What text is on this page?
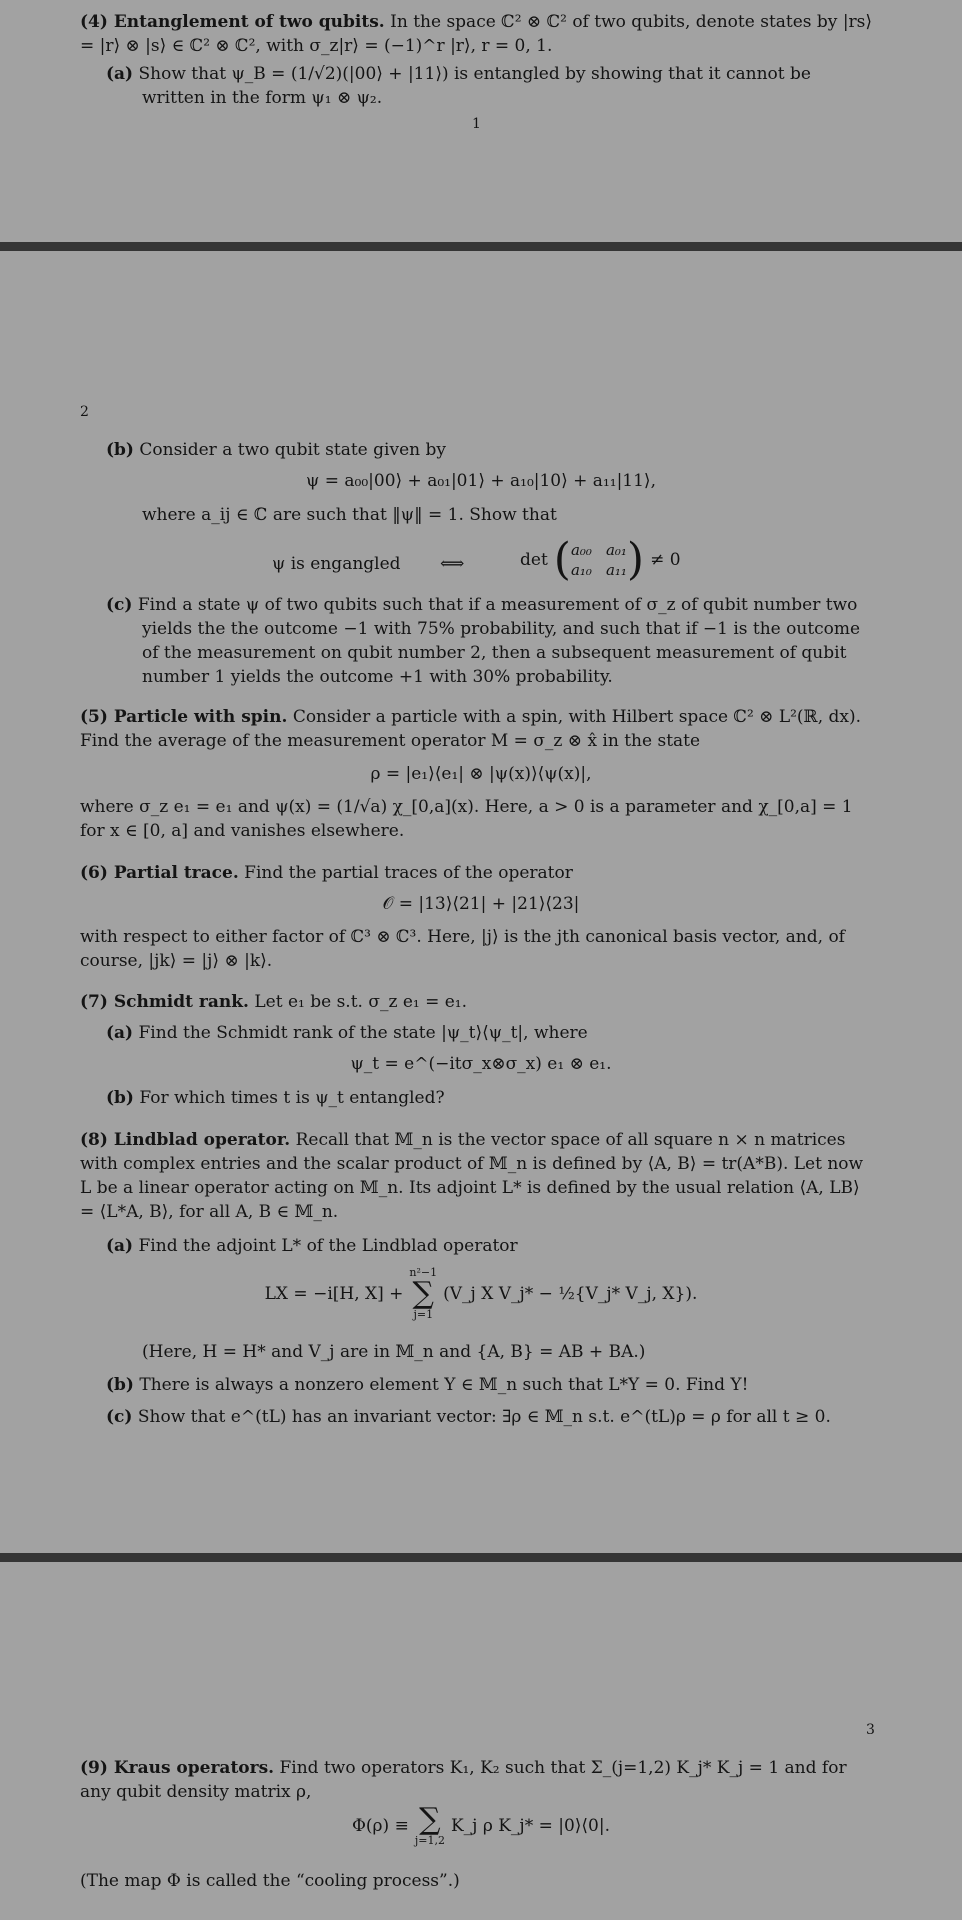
(4) Entanglement of two qubits. In the space ℂ² ⊗ ℂ² of two qubits, denote states by |rs⟩ = |r⟩ ⊗ |s⟩ ∈ ℂ² ⊗ ℂ², with σ_z|r⟩ = (−1)^r |r⟩, r = 0, 1.
(a) Show that ψ_B = (1/√2)(|00⟩ + |11⟩) is entangled by showing that it cannot be written in the form ψ₁ ⊗ ψ₂.
1
2
(b) Consider a two qubit state given by
ψ = a₀₀|00⟩ + a₀₁|01⟩ + a₁₀|10⟩ + a₁₁|11⟩,
where a_ij ∈ ℂ are such that ‖ψ‖ = 1. Show that
ψ is engangled ⟺	det ( a₀₀ a₀₁
a₁₀ a₁₁ ) ≠ 0
(c) Find a state ψ of two qubits such that if a measurement of σ_z of qubit number two yields the the outcome −1 with 75% probability, and such that if −1 is the outcome of the measurement on qubit number 2, then a subsequent measurement of qubit number 1 yields the outcome +1 with 30% probability.
(5) Particle with spin. Consider a particle with a spin, with Hilbert space ℂ² ⊗ L²(ℝ, dx). Find the average of the measurement operator M = σ_z ⊗ x̂ in the state
ρ = |e₁⟩⟨e₁| ⊗ |ψ(x)⟩⟨ψ(x)|,
where σ_z e₁ = e₁ and ψ(x) = (1/√a) χ_[0,a](x). Here, a > 0 is a parameter and χ_[0,a] = 1 for x ∈ [0, a] and vanishes elsewhere.
(6) Partial trace. Find the partial traces of the operator
𝒪 = |13⟩⟨21| + |21⟩⟨23|
with respect to either factor of ℂ³ ⊗ ℂ³. Here, |j⟩ is the jth canonical basis vector, and, of course, |jk⟩ = |j⟩ ⊗ |k⟩.
(7) Schmidt rank. Let e₁ be s.t. σ_z e₁ = e₁.
(a) Find the Schmidt rank of the state |ψ_t⟩⟨ψ_t|, where
ψ_t = e^(−itσ_x⊗σ_x) e₁ ⊗ e₁.
(b) For which times t is ψ_t entangled?
(8) Lindblad operator. Recall that 𝕄_n is the vector space of all square n × n matrices with complex entries and the scalar product of 𝕄_n is defined by ⟨A, B⟩ = tr(A*B). Let now L be a linear operator acting on 𝕄_n. Its adjoint L* is defined by the usual relation ⟨A, LB⟩ = ⟨L*A, B⟩, for all A, B ∈ 𝕄_n.
(a) Find the adjoint L* of the Lindblad operator
LX = −i[H, X] +
n²−1
∑
j=1
(V_j X V_j* − ½{V_j* V_j, X}).
(Here, H = H* and V_j are in 𝕄_n and {A, B} = AB + BA.)
(b) There is always a nonzero element Y ∈ 𝕄_n such that L*Y = 0. Find Y!
(c) Show that e^(tL) has an invariant vector: ∃ρ ∈ 𝕄_n s.t. e^(tL)ρ = ρ for all t ≥ 0.
3
(9) Kraus operators. Find two operators K₁, K₂ such that Σ_(j=1,2) K_j* K_j = 1 and for any qubit density matrix ρ,
Φ(ρ) ≡ ∑
j=1,2
K_j ρ K_j* = |0⟩⟨0|.
(The map Φ is called the “cooling process”.)
